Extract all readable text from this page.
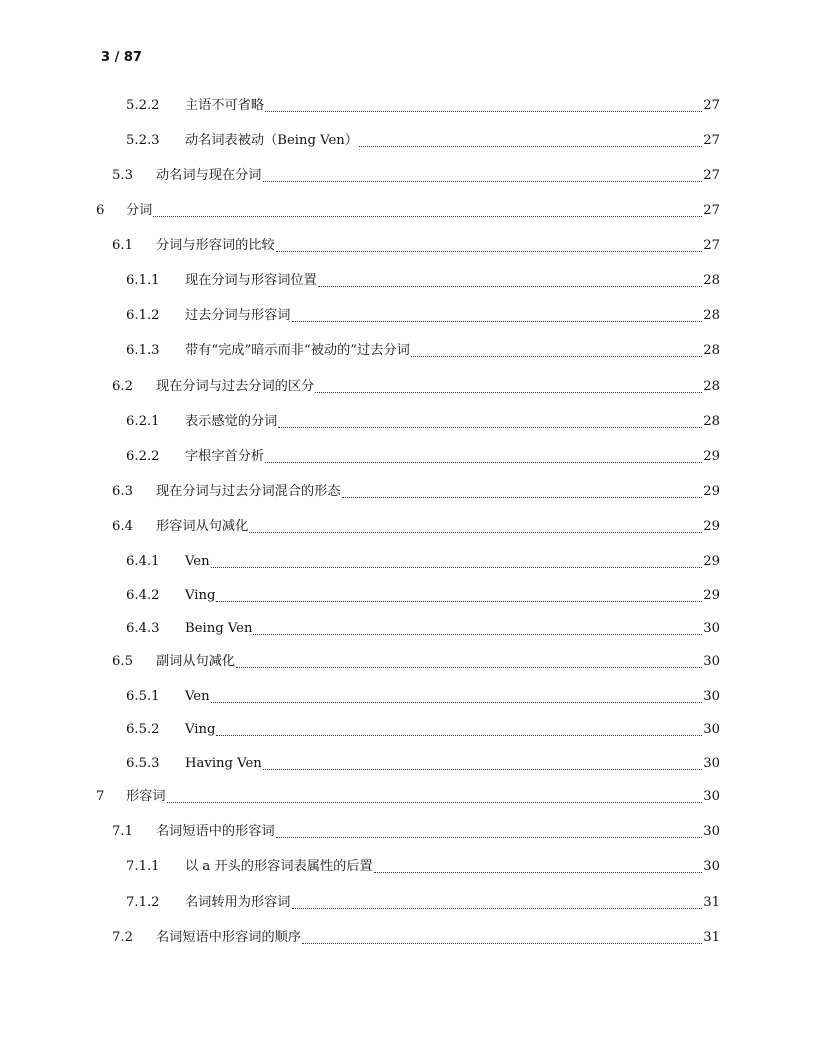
3 / 87
5.2.2	主语不可省略	27
5.2.3	动名词表被动（Being Ven）	27
5.3	动名词与现在分词	27
6	分词	27
6.1	分词与形容词的比较	27
6.1.1	现在分词与形容词位置	28
6.1.2	过去分词与形容词	28
6.1.3	带有“完成”暗示而非“被动的”过去分词	28
6.2	现在分词与过去分词的区分	28
6.2.1	表示感觉的分词	28
6.2.2	字根字首分析	29
6.3	现在分词与过去分词混合的形态	29
6.4	形容词从句减化	29
6.4.1	Ven	29
6.4.2	Ving	29
6.4.3	Being Ven	30
6.5	副词从句减化	30
6.5.1	Ven	30
6.5.2	Ving	30
6.5.3	Having Ven	30
7	形容词	30
7.1	名词短语中的形容词	30
7.1.1	以 a 开头的形容词表属性的后置	30
7.1.2	名词转用为形容词	31
7.2	名词短语中形容词的顺序	31
